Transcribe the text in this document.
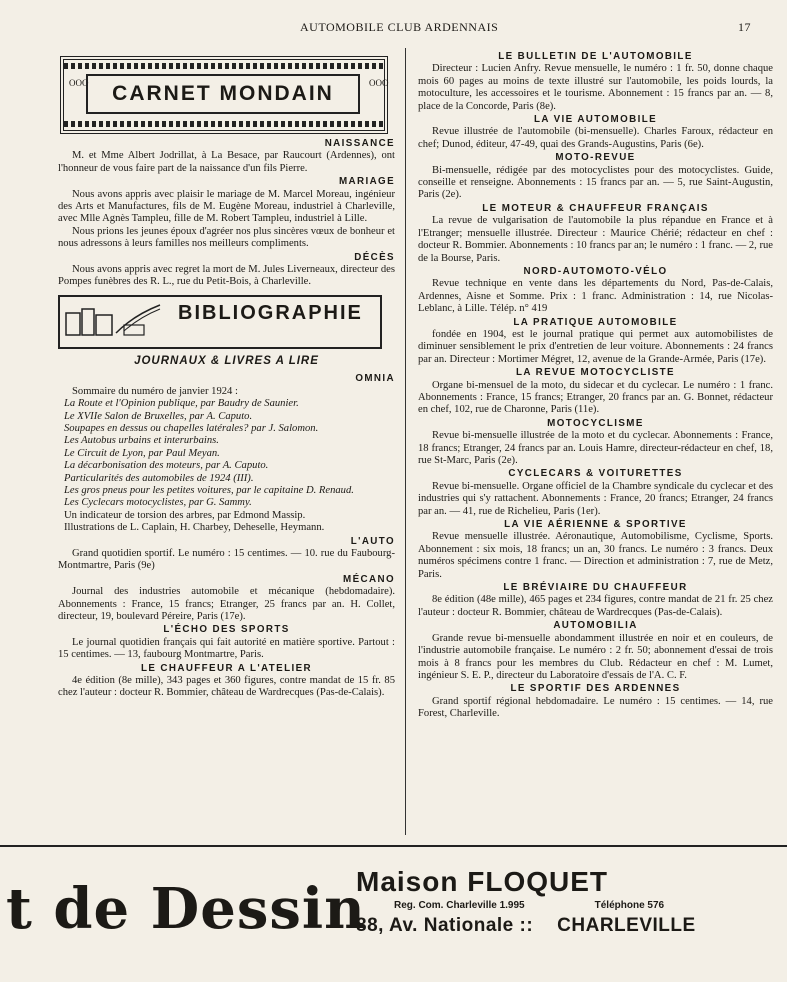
AUTOMOBILE CLUB ARDENNAIS	17
OOO CARNET MONDAIN	OOO
NAISSANCE

M. et Mme Albert Jodrillat, à La Besace, par Raucourt (Ardennes), ont l'honneur de vous faire part de la naissance d'un fils Pierre.

MARIAGE

Nous avons appris avec plaisir le mariage de M. Marcel Moreau, ingénieur des Arts et Manufactures, fils de M. Eugène Moreau, industriel à Charleville, avec Mlle Agnès Tampleu, fille de M. Robert Tampleu, industriel à Lille.

Nous prions les jeunes époux d'agréer nos plus sincères vœux de bonheur et nous adressons à leurs familles nos meilleurs compliments.

DÉCÈS

Nous avons appris avec regret la mort de M. Jules Liverneaux, directeur des Pompes funèbres des R. L., rue du Petit-Bois, à Charleville.

BIBLIOGRAPHIE
JOURNAUX & LIVRES A LIRE
OMNIA

Sommaire du numéro de janvier 1924 :

La Route et l'Opinion publique, par Baudry de Saunier.

Le XVIIe Salon de Bruxelles, par A. Caputo.

Soupapes en dessus ou chapelles latérales? par J. Salomon.

Les Autobus urbains et interurbains.

Le Circuit de Lyon, par Paul Meyan.

La décarbonisation des moteurs, par A. Caputo.

Particularités des automobiles de 1924 (III).

Les gros pneus pour les petites voitures, par le capitaine D. Renaud.

Les Cyclecars motocyclistes, par G. Sammy.

Un indicateur de torsion des arbres, par Edmond Massip.

Illustrations de L. Caplain, H. Charbey, Deheselle, Heymann.

L'AUTO

Grand quotidien sportif. Le numéro : 15 centimes. — 10. rue du Faubourg-Montmartre, Paris (9e)

MÉCANO

Journal des industries automobile et mécanique (hebdomadaire). Abonnements : France, 15 francs; Etranger, 25 francs par an. H. Collet, directeur, 19, boulevard Péreire, Paris (17e).

L'ÉCHO DES SPORTS

Le journal quotidien français qui fait autorité en matière sportive. Partout : 15 centimes. — 13, faubourg Montmartre, Paris.

LE CHAUFFEUR A L'ATELIER

4e édition (8e mille), 343 pages et 360 figures, contre mandat de 15 fr. 85 chez l'auteur : docteur R. Bommier, château de Wardrecques (Pas-de-Calais).

LE BULLETIN DE L'AUTOMOBILE

Directeur : Lucien Anfry. Revue mensuelle, le numéro : 1 fr. 50, donne chaque mois 60 pages au moins de texte illustré sur l'automobile, les poids lourds, la motoculture, les accessoires et le tourisme. Abonnement : 15 francs par an. — 8, place de la Concorde, Paris (8e).

LA VIE AUTOMOBILE

Revue illustrée de l'automobile (bi-mensuelle). Charles Faroux, rédacteur en chef; Dunod, éditeur, 47-49, quai des Grands-Augustins, Paris (6e).

MOTO-REVUE

Bi-mensuelle, rédigée par des motocyclistes pour des motocyclistes. Guide, conseille et renseigne. Abonnements : 15 francs par an. — 5, rue Saint-Augustin, Paris (2e).

LE MOTEUR & CHAUFFEUR FRANÇAIS

La revue de vulgarisation de l'automobile la plus répandue en France et à l'Etranger; mensuelle illustrée. Directeur : Maurice Chérié; rédacteur en chef : docteur R. Bommier. Abonnements : 10 francs par an; le numéro : 1 franc. — 2, rue de la Bourse, Paris.

NORD-AUTOMOTO-VÉLO

Revue technique en vente dans les départements du Nord, Pas-de-Calais, Ardennes, Aisne et Somme. Prix : 1 franc. Administration : 14, rue Nicolas-Leblanc, à Lille. Télép. n° 419

LA PRATIQUE AUTOMOBILE

fondée en 1904, est le journal pratique qui permet aux automobilistes de diminuer sensiblement le prix d'entretien de leur voiture. Abonnements : 24 francs par an. Directeur : Mortimer Mégret, 12, avenue de la Grande-Armée, Paris (17e).

LA REVUE MOTOCYCLISTE

Organe bi-mensuel de la moto, du sidecar et du cyclecar. Le numéro : 1 franc. Abonnements : France, 15 francs; Etranger, 20 francs par an. G. Bonnet, rédacteur en chef, 102, rue de Charonne, Paris (11e).

MOTOCYCLISME

Revue bi-mensuelle illustrée de la moto et du cyclecar. Abonnements : France, 18 francs; Etranger, 24 francs par an. Louis Hamre, directeur-rédacteur en chef, 18, rue St-Marc, Paris (2e).

CYCLECARS & VOITURETTES

Revue bi-mensuelle. Organe officiel de la Chambre syndicale du cyclecar et des industries qui s'y rattachent. Abonnements : France, 20 francs; Etranger, 24 francs par an. — 41, rue de Richelieu, Paris (1er).

LA VIE AÉRIENNE & SPORTIVE

Revue mensuelle illustrée. Aéronautique, Automobilisme, Cyclisme, Sports. Abonnement : six mois, 18 francs; un an, 30 francs. Le numéro : 3 francs. Deux numéros spécimens contre 1 franc. — Direction et administration : 7, rue de Metz, Paris.

LE BRÉVIAIRE DU CHAUFFEUR

8e édition (48e mille), 465 pages et 234 figures, contre mandat de 21 fr. 25 chez l'auteur : docteur R. Bommier, château de Wardrecques (Pas-de-Calais).

AUTOMOBILIA

Grande revue bi-mensuelle abondamment illustrée en noir et en couleurs, de l'industrie automobile française. Le numéro : 2 fr. 50; abonnement d'essai de trois mois à 8 francs pour les membres du Club. Rédacteur en chef : M. Lumet, ingénieur S. E. P., directeur du Laboratoire d'essais de l'A. C. F.

LE SPORTIF DES ARDENNES

Grand sportif régional hebdomadaire. Le numéro : 15 centimes. — 14, rue Forest, Charleville.

t de Dessin
Maison FLOQUET
Reg. Com. Charleville 1.995	Téléphone 576
88, Av. Nationale :: CHARLEVILLE
